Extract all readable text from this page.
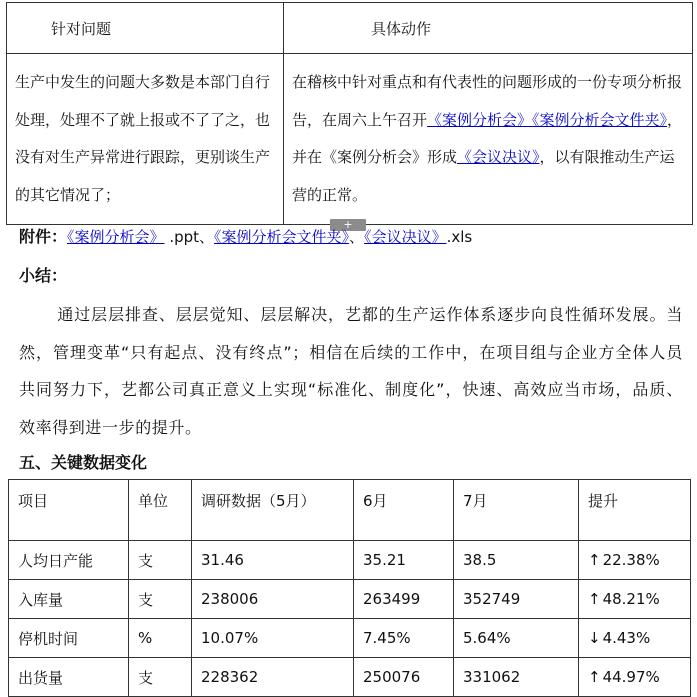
针对问题	具体动作
生产中发生的问题大多数是本部门自行处理，处理不了就上报或不了了之，也没有对生产异常进行跟踪，更别谈生产的其它情况了；	在稽核中针对重点和有代表性的问题形成的一份专项分析报告，在周六上午召开《案例分析会》《案例分析会文件夹》，并在《案例分析会》形成《会议决议》，以有限推动生产运营的正常。
+
附件：《案例分析会》 .ppt、《案例分析会文件夹》、《会议决议》.xls
小结：
通过层层排查、层层觉知、层层解决，艺都的生产运作体系逐步向良性循环发展。当然，管理变革“只有起点、没有终点”；相信在后续的工作中，在项目组与企业方全体人员共同努力下，艺都公司真正意义上实现“标准化、制度化”，快速、高效应当市场，品质、效率得到进一步的提升。
五、关键数据变化
项目	单位	调研数据（5月）	6月	7月	提升
人均日产能	支	31.46	35.21	38.5	↑ 22.38%
入库量	支	238006	263499	352749	↑ 48.21%
停机时间	%	10.07%	7.45%	5.64%	↓ 4.43%
出货量	支	228362	250076	331062	↑ 44.97%
